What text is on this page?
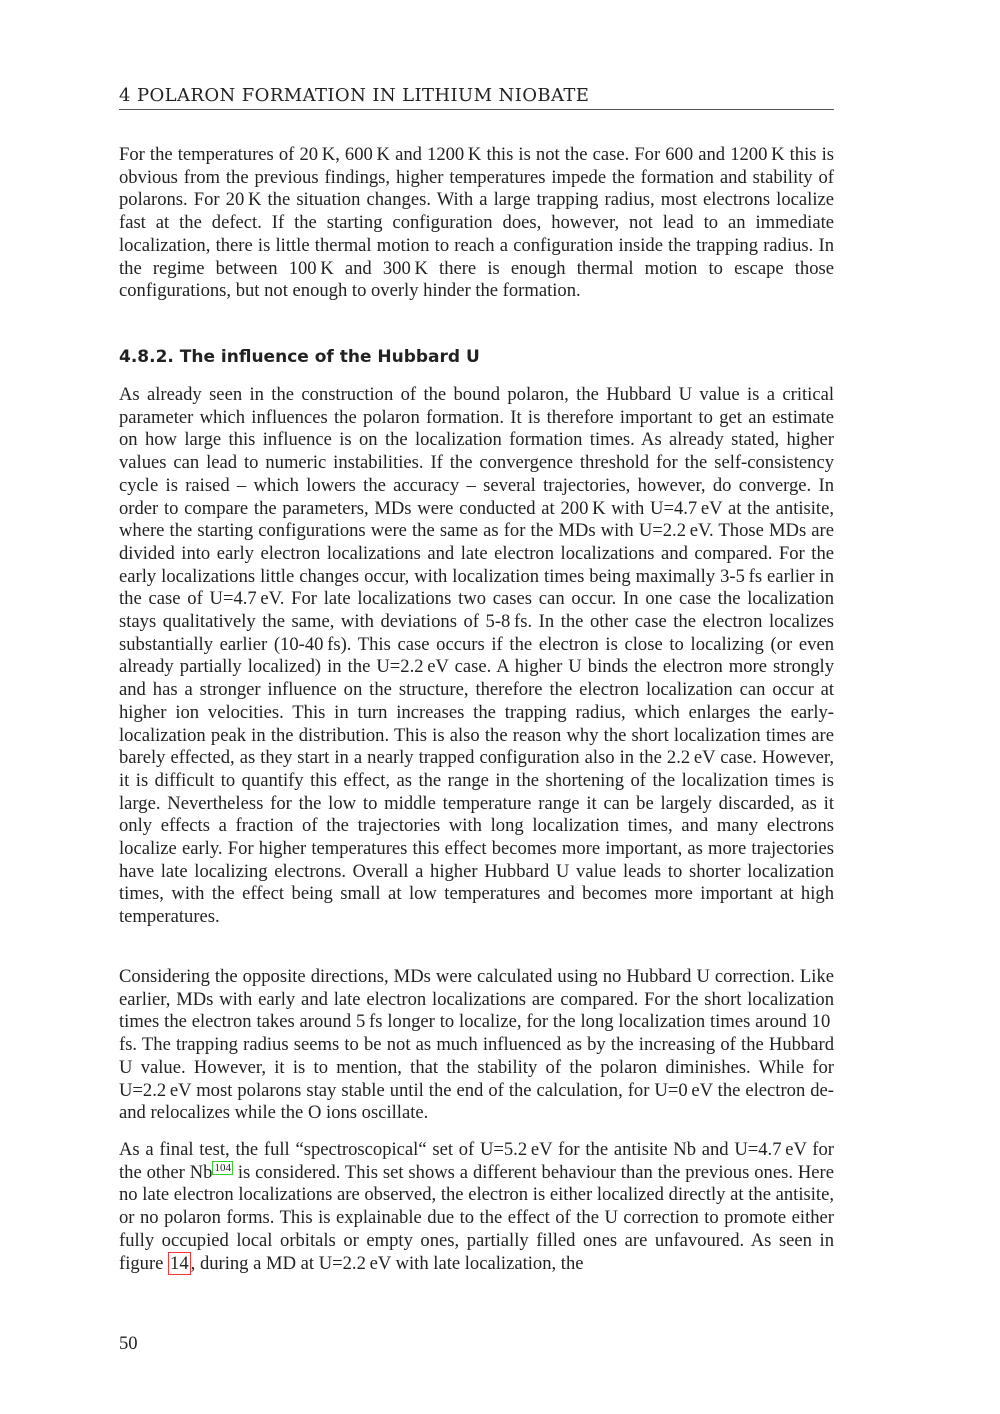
4 POLARON FORMATION IN LITHIUM NIOBATE

For the temperatures of 20 K, 600 K and 1200 K this is not the case. For 600 and 1200 K this is obvious from the previous findings, higher temperatures impede the formation and stability of polarons. For 20 K the situation changes. With a large trapping radius, most electrons localize fast at the defect. If the starting configuration does, however, not lead to an immediate localization, there is little thermal motion to reach a configuration inside the trapping radius. In the regime between 100 K and 300 K there is enough thermal motion to escape those configurations, but not enough to overly hinder the formation.

4.8.2. The influence of the Hubbard U

As already seen in the construction of the bound polaron, the Hubbard U value is a critical parameter which influences the polaron formation. It is therefore important to get an estimate on how large this influence is on the localization formation times. As already stated, higher values can lead to numeric instabilities. If the convergence threshold for the self-consistency cycle is raised – which lowers the accuracy – several trajectories, however, do converge. In order to compare the parameters, MDs were conducted at 200 K with U=4.7 eV at the antisite, where the starting configurations were the same as for the MDs with U=2.2 eV. Those MDs are divided into early electron localizations and late electron localizations and compared. For the early localizations little changes occur, with localization times being maximally 3-5 fs earlier in the case of U=4.7 eV. For late localizations two cases can occur. In one case the localization stays qualitatively the same, with deviations of 5-8 fs. In the other case the electron localizes substantially earlier (10-40 fs). This case occurs if the electron is close to localizing (or even already partially localized) in the U=2.2 eV case. A higher U binds the electron more strongly and has a stronger influence on the structure, therefore the electron localization can occur at higher ion velocities. This in turn increases the trapping radius, which enlarges the early-localization peak in the distribution. This is also the reason why the short localization times are barely effected, as they start in a nearly trapped configuration also in the 2.2 eV case. However, it is difficult to quantify this effect, as the range in the shortening of the localization times is large. Nevertheless for the low to middle temperature range it can be largely discarded, as it only effects a fraction of the trajectories with long localization times, and many electrons localize early. For higher temperatures this effect becomes more important, as more trajectories have late localizing electrons. Overall a higher Hubbard U value leads to shorter localization times, with the effect being small at low temperatures and becomes more important at high temperatures.

Considering the opposite directions, MDs were calculated using no Hubbard U correction. Like earlier, MDs with early and late electron localizations are compared. For the short localization times the electron takes around 5 fs longer to localize, for the long localization times around 10 fs. The trapping radius seems to be not as much influenced as by the increasing of the Hubbard U value. However, it is to mention, that the stability of the polaron diminishes. While for U=2.2 eV most polarons stay stable until the end of the calculation, for U=0 eV the electron de- and relocalizes while the O ions oscillate.

As a final test, the full “spectroscopical“ set of U=5.2 eV for the antisite Nb and U=4.7 eV for the other Nb $^{104}$ is considered. This set shows a different behaviour than the previous ones. Here no late electron localizations are observed, the electron is either localized directly at the antisite, or no polaron forms. This is explainable due to the effect of the U correction to promote either fully occupied local orbitals or empty ones, partially filled ones are unfavoured. As seen in figure 14 , during a MD at U=2.2 eV with late localization, the

50
